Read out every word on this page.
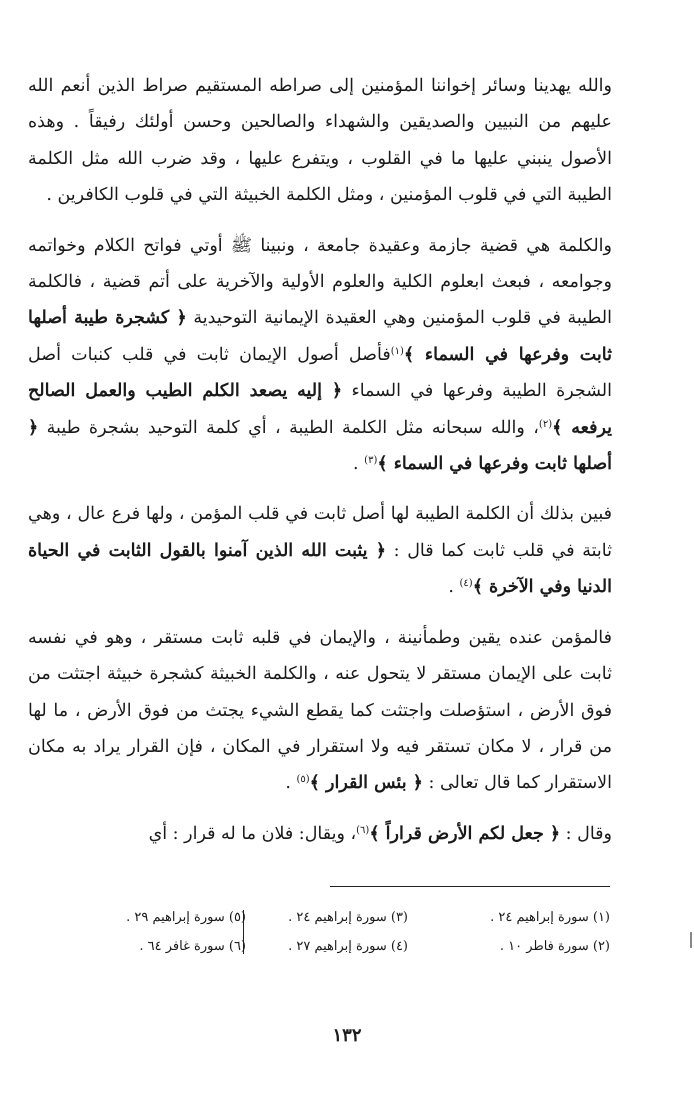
والله يهدينا وسائر إخواننا المؤمنين إلى صراطه المستقيم صراط الذين أنعم الله عليهم من النبيين والصديقين والشهداء والصالحين وحسن أولئك رفيقاً . وهذه الأصول ينبني عليها ما في القلوب ، ويتفرع عليها ، وقد ضرب الله مثل الكلمة الطيبة التي في قلوب المؤمنين ، ومثل الكلمة الخبيثة التي في قلوب الكافرين .

والكلمة هي قضية جازمة وعقيدة جامعة ، ونبينا ﷺ أوتي فواتح الكلام وخواتمه وجوامعه ، فبعث ابعلوم الكلية والعلوم الأولية والآخرية على أتم قضية ، فالكلمة الطيبة في قلوب المؤمنين وهي العقيدة الإيمانية التوحيدية ﴿ كشجرة طيبة أصلها ثابت وفرعها في السماء ﴾$^{(١)}$فأصل أصول الإيمان ثابت في قلب كنبات أصل الشجرة الطيبة وفرعها في السماء ﴿ إليه يصعد الكلم الطيب والعمل الصالح يرفعه ﴾$^{(٢)}$، والله سبحانه مثل الكلمة الطيبة ، أي كلمة التوحيد بشجرة طيبة ﴿ أصلها ثابت وفرعها في السماء ﴾$^{(٣)}$ .

فبين بذلك أن الكلمة الطيبة لها أصل ثابت في قلب المؤمن ، ولها فرع عال ، وهي ثابتة في قلب ثابت كما قال : ﴿ يثبت الله الذين آمنوا بالقول الثابت في الحياة الدنيا وفي الآخرة ﴾$^{(٤)}$ .

فالمؤمن عنده يقين وطمأنينة ، والإيمان في قلبه ثابت مستقر ، وهو في نفسه ثابت على الإيمان مستقر لا يتحول عنه ، والكلمة الخبيثة كشجرة خبيثة اجتثت من فوق الأرض ، استؤصلت واجتثت كما يقطع الشيء يجتث من فوق الأرض ، ما لها من قرار ، لا مكان تستقر فيه ولا استقرار في المكان ، فإن القرار يراد به مكان الاستقرار كما قال تعالى : ﴿ بئس القرار ﴾$^{(٥)}$ .

وقال : ﴿ جعل لكم الأرض قراراً ﴾$^{(٦)}$، ويقال: فلان ما له قرار : أي

(١) سورة إبراهيم ٢٤ .
(٢) سورة فاطر ١٠ .
(٣) سورة إبراهيم ٢٤ .
(٤) سورة إبراهيم ٢٧ .
(٥) سورة إبراهيم ٢٩ .
(٦) سورة غافر ٦٤ .
١٣٢
